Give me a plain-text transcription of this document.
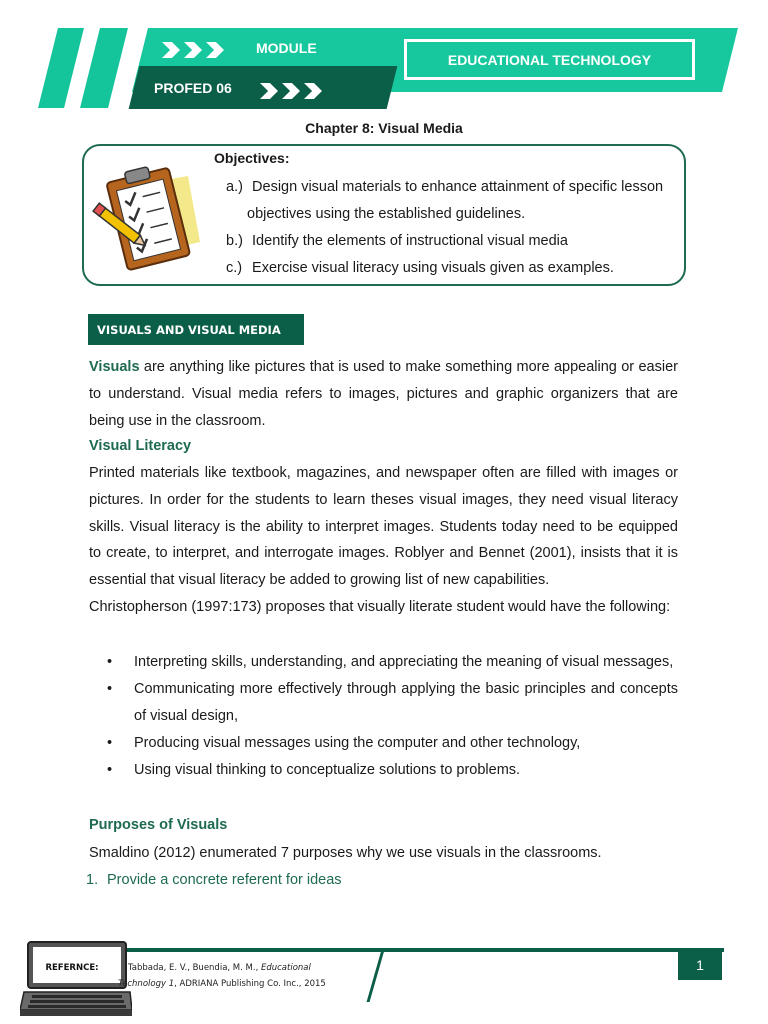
MODULE
PROFED 06
EDUCATIONAL TECHNOLOGY
Chapter 8: Visual Media
Objectives:
a.) Design visual materials to enhance attainment of specific lesson
objectives using the established guidelines.
b.) Identify the elements of instructional visual media
c.) Exercise visual literacy using visuals given as examples.
VISUALS AND VISUAL MEDIA

Visuals are anything like pictures that is used to make something more appealing or easier to understand. Visual media refers to images, pictures and graphic organizers that are being use in the classroom.

Visual Literacy

Printed materials like textbook, magazines, and newspaper often are filled with images or pictures. In order for the students to learn theses visual images, they need visual literacy skills. Visual literacy is the ability to interpret images. Students today need to be equipped to create, to interpret, and interrogate images. Roblyer and Bennet (2001), insists that it is essential that visual literacy be added to growing list of new capabilities.

Christopherson (1997:173) proposes that visually literate student would have the following:

• Interpreting skills, understanding, and appreciating the meaning of visual messages,
• Communicating more effectively through applying the basic principles and concepts of visual design,
• Producing visual messages using the computer and other technology,
• Using visual thinking to conceptualize solutions to problems.
Purposes of Visuals

Smaldino (2012) enumerated 7 purposes why we use visuals in the classrooms.

1. Provide a concrete referent for ideas
REFERNCE:	Tabbada, E. V., Buendia, M. M., Educational
Technology 1, ADRIANA Publishing Co. Inc., 2015
1
